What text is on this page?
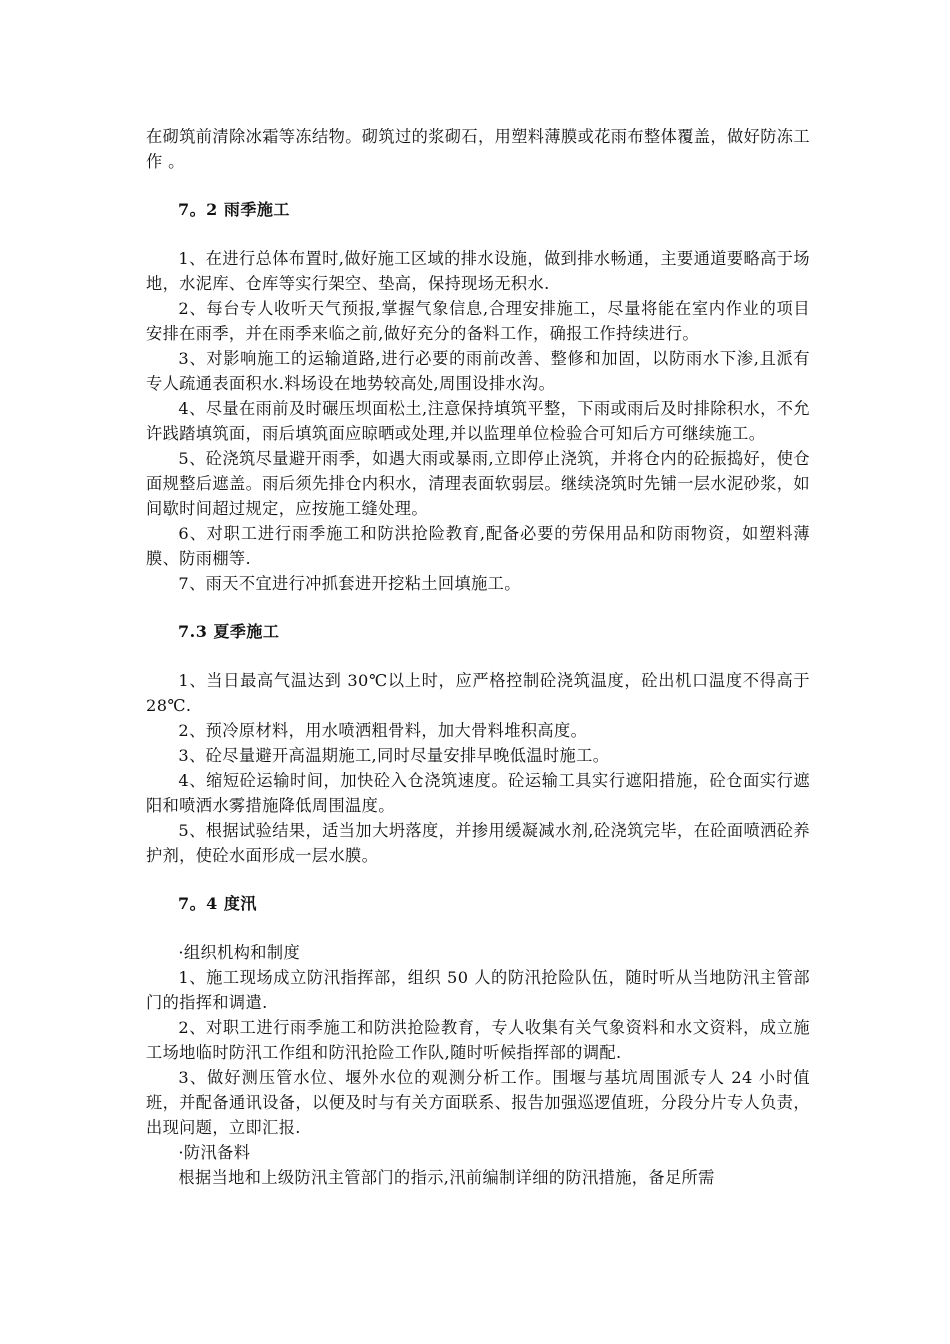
在砌筑前清除冰霜等冻结物。砌筑过的浆砌石，用塑料薄膜或花雨布整体覆盖，做好防冻工作 。

7。2 雨季施工

1、在进行总体布置时,做好施工区域的排水设施，做到排水畅通，主要通道要略高于场地，水泥库、仓库等实行架空、垫高，保持现场无积水.

2、每台专人收听天气预报,掌握气象信息,合理安排施工，尽量将能在室内作业的项目安排在雨季，并在雨季来临之前,做好充分的备料工作，确报工作持续进行。

3、对影响施工的运输道路,进行必要的雨前改善、整修和加固，以防雨水下渗,且派有专人疏通表面积水.料场设在地势较高处,周围设排水沟。

4、尽量在雨前及时碾压坝面松土,注意保持填筑平整，下雨或雨后及时排除积水，不允许践踏填筑面，雨后填筑面应晾晒或处理,并以监理单位检验合可知后方可继续施工。

5、砼浇筑尽量避开雨季，如遇大雨或暴雨,立即停止浇筑，并将仓内的砼振捣好，使仓面规整后遮盖。雨后须先排仓内积水，清理表面软弱层。继续浇筑时先铺一层水泥砂浆，如间歇时间超过规定，应按施工缝处理。

6、对职工进行雨季施工和防洪抢险教育,配备必要的劳保用品和防雨物资，如塑料薄膜、防雨棚等.

7、雨天不宜进行冲抓套进开挖粘土回填施工。

7.3 夏季施工

1、当日最高气温达到 30℃以上时，应严格控制砼浇筑温度，砼出机口温度不得高于 28℃.

2、预冷原材料，用水喷洒粗骨料，加大骨料堆积高度。

3、砼尽量避开高温期施工,同时尽量安排早晚低温时施工。

4、缩短砼运输时间，加快砼入仓浇筑速度。砼运输工具实行遮阳措施，砼仓面实行遮阳和喷洒水雾措施降低周围温度。

5、根据试验结果，适当加大坍落度，并掺用缓凝减水剂,砼浇筑完毕，在砼面喷洒砼养护剂，使砼水面形成一层水膜。

7。4 度汛

·组织机构和制度

1、施工现场成立防汛指挥部，组织 50 人的防汛抢险队伍，随时听从当地防汛主管部门的指挥和调遣.

2、对职工进行雨季施工和防洪抢险教育，专人收集有关气象资料和水文资料，成立施工场地临时防汛工作组和防汛抢险工作队,随时听候指挥部的调配.

3、做好测压管水位、堰外水位的观测分析工作。围堰与基坑周围派专人 24 小时值班，并配备通讯设备，以便及时与有关方面联系、报告加强巡逻值班，分段分片专人负责，出现问题，立即汇报.

·防汛备料

根据当地和上级防汛主管部门的指示,汛前编制详细的防汛措施，备足所需
